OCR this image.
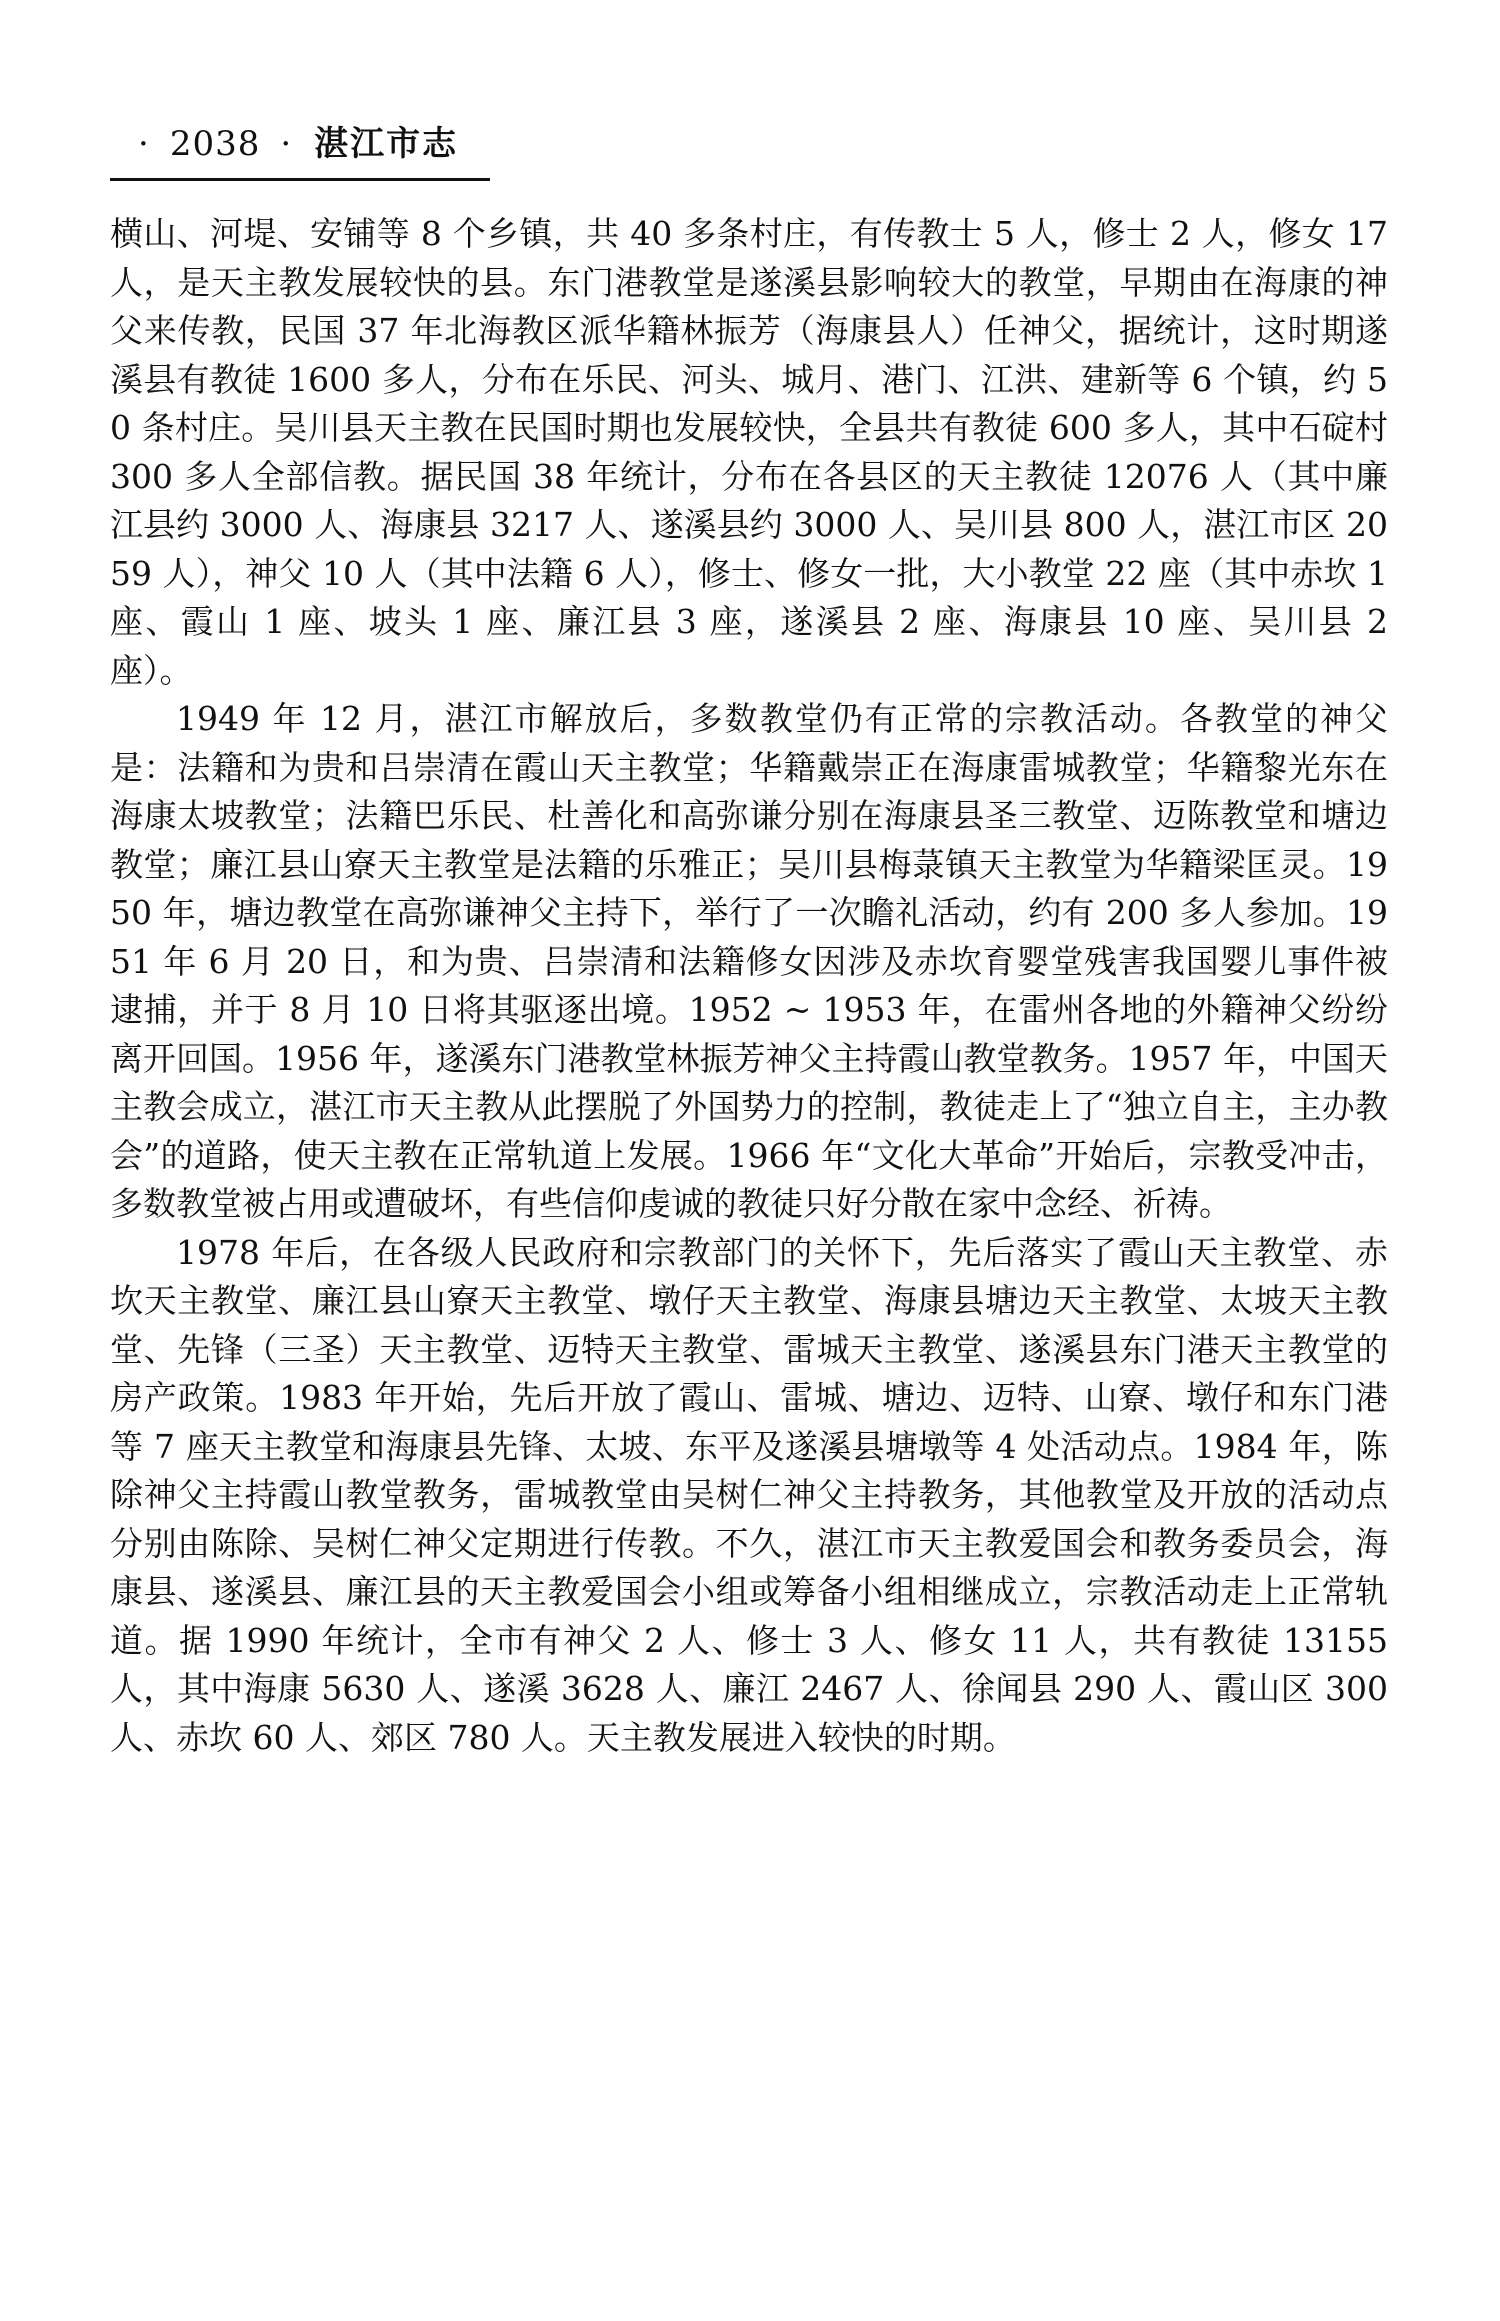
· 2038 · 湛江市志

横山、河堤、安铺等 8 个乡镇，共 40 多条村庄，有传教士 5 人，修士 2 人，修女 17 人，是天主教发展较快的县。东门港教堂是遂溪县影响较大的教堂，早期由在海康的神父来传教，民国 37 年北海教区派华籍林振芳（海康县人）任神父，据统计，这时期遂溪县有教徒 1600 多人，分布在乐民、河头、城月、港门、江洪、建新等 6 个镇，约 50 条村庄。吴川县天主教在民国时期也发展较快，全县共有教徒 600 多人，其中石碇村 300 多人全部信教。据民国 38 年统计，分布在各县区的天主教徒 12076 人（其中廉江县约 3000 人、海康县 3217 人、遂溪县约 3000 人、吴川县 800 人，湛江市区 2059 人），神父 10 人（其中法籍 6 人），修士、修女一批，大小教堂 22 座（其中赤坎 1 座、霞山 1 座、坡头 1 座、廉江县 3 座，遂溪县 2 座、海康县 10 座、吴川县 2 座）。

1949 年 12 月，湛江市解放后，多数教堂仍有正常的宗教活动。各教堂的神父是：法籍和为贵和吕崇清在霞山天主教堂；华籍戴崇正在海康雷城教堂；华籍黎光东在海康太坡教堂；法籍巴乐民、杜善化和高弥谦分别在海康县圣三教堂、迈陈教堂和塘边教堂；廉江县山寮天主教堂是法籍的乐雅正；吴川县梅菉镇天主教堂为华籍梁匡灵。1950 年，塘边教堂在高弥谦神父主持下，举行了一次瞻礼活动，约有 200 多人参加。1951 年 6 月 20 日，和为贵、吕崇清和法籍修女因涉及赤坎育婴堂残害我国婴儿事件被逮捕，并于 8 月 10 日将其驱逐出境。1952 ~ 1953 年，在雷州各地的外籍神父纷纷离开回国。1956 年，遂溪东门港教堂林振芳神父主持霞山教堂教务。1957 年，中国天主教会成立，湛江市天主教从此摆脱了外国势力的控制，教徒走上了“独立自主，主办教会”的道路，使天主教在正常轨道上发展。1966 年“文化大革命”开始后，宗教受冲击，多数教堂被占用或遭破坏，有些信仰虔诚的教徒只好分散在家中念经、祈祷。

1978 年后，在各级人民政府和宗教部门的关怀下，先后落实了霞山天主教堂、赤坎天主教堂、廉江县山寮天主教堂、墩仔天主教堂、海康县塘边天主教堂、太坡天主教堂、先锋（三圣）天主教堂、迈特天主教堂、雷城天主教堂、遂溪县东门港天主教堂的房产政策。1983 年开始，先后开放了霞山、雷城、塘边、迈特、山寮、墩仔和东门港等 7 座天主教堂和海康县先锋、太坡、东平及遂溪县塘墩等 4 处活动点。1984 年，陈除神父主持霞山教堂教务，雷城教堂由吴树仁神父主持教务，其他教堂及开放的活动点分别由陈除、吴树仁神父定期进行传教。不久，湛江市天主教爱国会和教务委员会，海康县、遂溪县、廉江县的天主教爱国会小组或筹备小组相继成立，宗教活动走上正常轨道。据 1990 年统计，全市有神父 2 人、修士 3 人、修女 11 人，共有教徒 13155 人，其中海康 5630 人、遂溪 3628 人、廉江 2467 人、徐闻县 290 人、霞山区 300 人、赤坎 60 人、郊区 780 人。天主教发展进入较快的时期。
